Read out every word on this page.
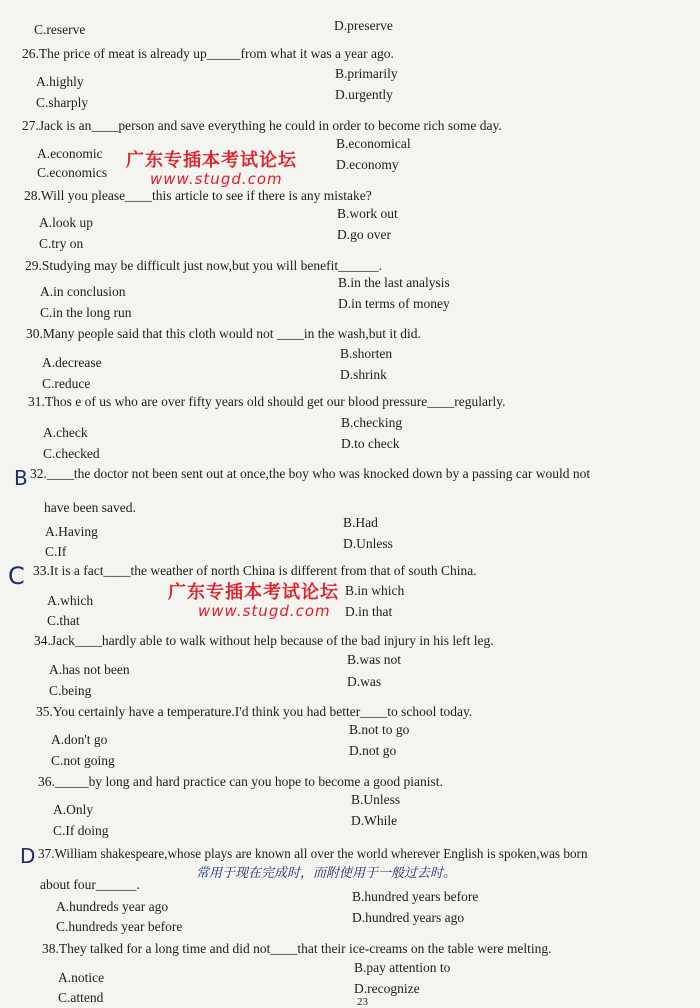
C.reserve	D.preserve
26.The price of meat is already up_____from what it was a year ago.
A.highly
B.primarily
C.sharply
D.urgently
27.Jack is an____person and save everything he could in order to become rich some day.
A.economic
B.economical
C.economics
D.economy
广东专插本考试论坛
www.stugd.com
28.Will you please____this article to see if there is any mistake?
A.look up
B.work out
C.try on
D.go over
29.Studying may be difficult just now,but you will benefit______.
A.in conclusion
B.in the last analysis
C.in the long run
D.in terms of money
30.Many people said that this cloth would not ____in the wash,but it did.
A.decrease
B.shorten
C.reduce
D.shrink
31.Thos e of us who are over fifty years old should get our blood pressure____regularly.
A.check
B.checking
C.checked
D.to check
B 32.____the doctor not been sent out at once,the boy who was knocked down by a passing car would not
have been saved.
A.Having
B.Had
C.If
D.Unless
C 33.It is a fact____the weather of north China is different from that of south China.
A.which
B.in which
C.that
D.in that
广东专插本考试论坛
www.stugd.com
34.Jack____hardly able to walk without help because of the bad injury in his left leg.
A.has not been
B.was not
C.being
D.was
35.You certainly have a temperature.I'd think you had better____to school today.
A.don't go
B.not to go
C.not going
D.not go
36._____by long and hard practice can you hope to become a good pianist.
A.Only
B.Unless
C.If doing
D.While
D 37.William shakespeare,whose plays are known all over the world wherever English is spoken,was born
about four______.
常用于现在完成时，而附使用于一般过去时。
A.hundreds year ago
B.hundred years before
C.hundreds year before
D.hundred years ago
38.They talked for a long time and did not____that their ice-creams on the table were melting.
A.notice
B.pay attention to
C.attend
D.recognize
23
